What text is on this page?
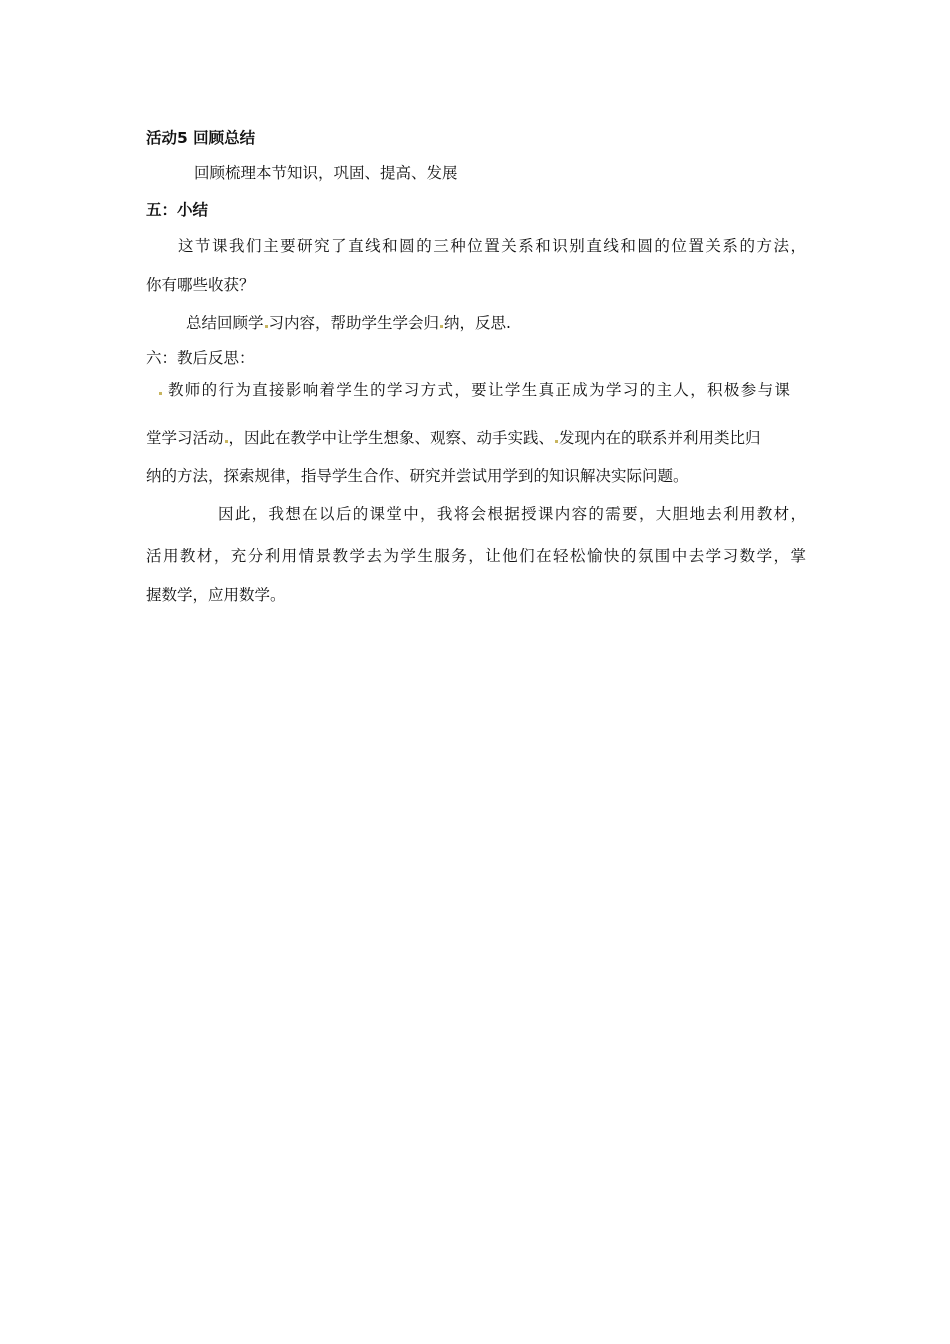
活动5 回顾总结
回顾梳理本节知识，巩固、提高、发展
五：小结
这节课我们主要研究了直线和圆的三种位置关系和识别直线和圆的位置关系的方法，
你有哪些收获？
总结回顾学 习内容，帮助学生学会归 纳，反思.
六：教后反思：
教师的行为直接影响着学生的学习方式，要让学生真正成为学习的主人，积极参与课
堂学习活动 ，因此在教学中让学生想象、观察、动手实践、 发现内在的联系并利用类比归
纳的方法，探索规律，指导学生合作、研究并尝试用学到的知识解决实际问题。
因此，我想在以后的课堂中，我将会根据授课内容的需要，大胆地去利用教材，
活用教材，充分利用情景教学去为学生服务，让他们在轻松愉快的氛围中去学习数学，掌
握数学，应用数学。
